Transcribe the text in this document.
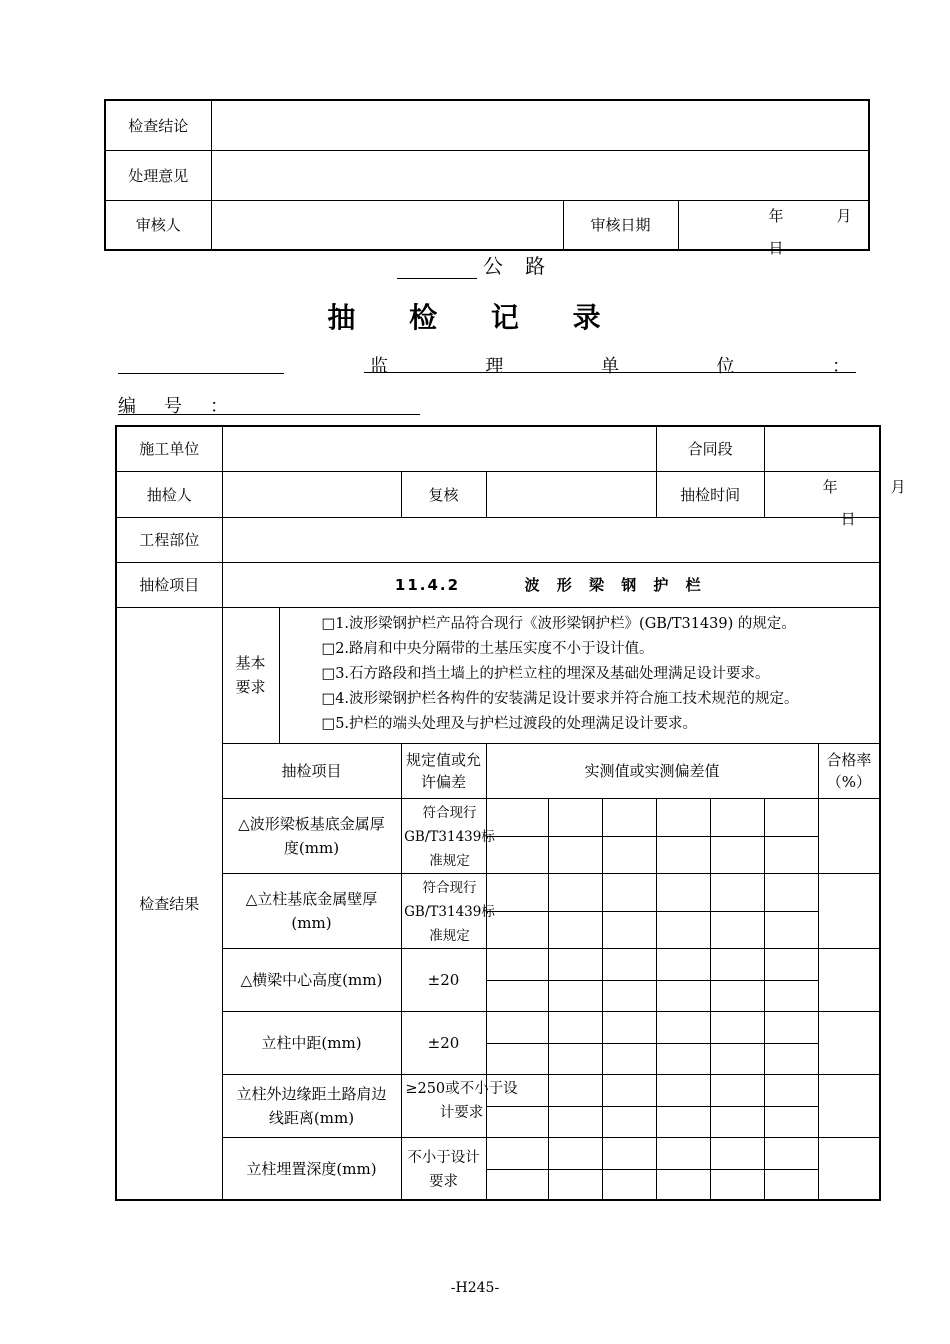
检查结论			
处理意见			
审核人		审核日期	年 月
日
公 路
抽 检 记 录
监 理 单 位 ：
编 号 ：
施工单位							合同段			
抽检人			复核				抽检时间		年 月
日	

工程部位										
抽检项目	11.4.2 波 形 梁 钢 护 栏									
检查结果	基本要求	□1.波形梁钢护栏产品符合现行《波形梁钢护栏》(GB/T31439) 的规定。
□2.路肩和中央分隔带的土基压实度不小于设计值。
□3.石方路段和挡土墙上的护栏立柱的埋深及基础处理满足设计要求。
□4.波形梁钢护栏各构件的安装满足设计要求并符合施工技术规范的规定。
□5.护栏的端头处理及与护栏过渡段的处理满足设计要求。								

	抽检项目		规定值或允许偏差	实测值或实测偏差值						合格率（%）
	△波形梁板基底金属厚度(mm)		符合现行GB/T31439标准规定							

	△立柱基底金属壁厚(mm)		符合现行GB/T31439标准规定							

	△横梁中心高度(mm)		±20							

	立柱中距(mm)		±20							

	立柱外边缘距土路肩边线距离(mm)		≥250或不小于设计要求							

	立柱埋置深度(mm)		不小于设计要求							

-H245-
